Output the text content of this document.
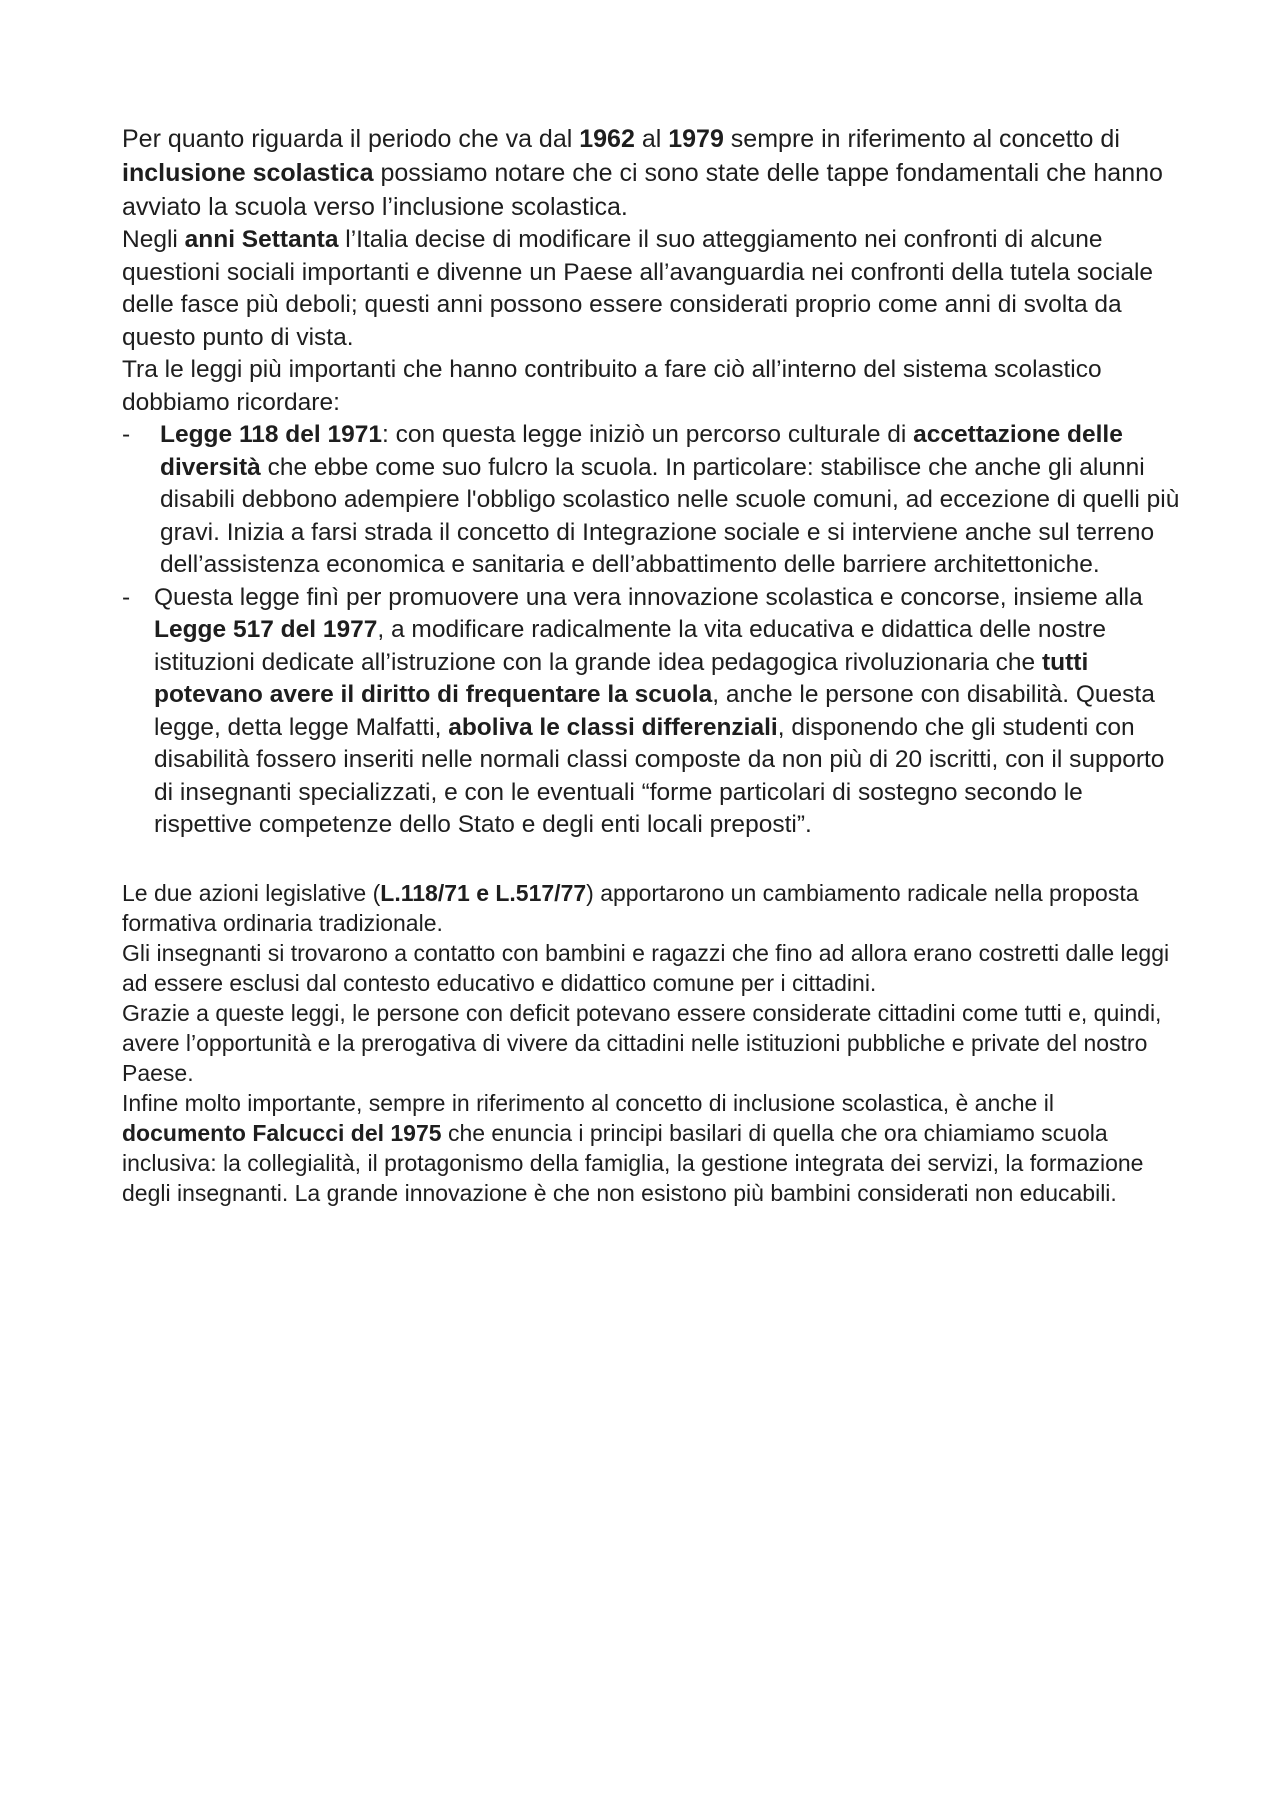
Per quanto riguarda il periodo che va dal 1962 al 1979 sempre in riferimento al concetto di inclusione scolastica possiamo notare che ci sono state delle tappe fondamentali che hanno avviato la scuola verso l’inclusione scolastica.

Negli anni Settanta l’Italia decise di modificare il suo atteggiamento nei confronti di alcune questioni sociali importanti e divenne un Paese all’avanguardia nei confronti della tutela sociale delle fasce più deboli; questi anni possono essere considerati proprio come anni di svolta da questo punto di vista.

Tra le leggi più importanti che hanno contribuito a fare ciò all’interno del sistema scolastico dobbiamo ricordare:

- Legge 118 del 1971: con questa legge iniziò un percorso culturale di accettazione delle diversità che ebbe come suo fulcro la scuola. In particolare: stabilisce che anche gli alunni disabili debbono adempiere l'obbligo scolastico nelle scuole comuni, ad eccezione di quelli più gravi. Inizia a farsi strada il concetto di Integrazione sociale e si interviene anche sul terreno dell’assistenza economica e sanitaria e dell’abbattimento delle barriere architettoniche.
- Questa legge finì per promuovere una vera innovazione scolastica e concorse, insieme alla Legge 517 del 1977, a modificare radicalmente la vita educativa e didattica delle nostre istituzioni dedicate all’istruzione con la grande idea pedagogica rivoluzionaria che tutti potevano avere il diritto di frequentare la scuola, anche le persone con disabilità. Questa legge, detta legge Malfatti, aboliva le classi differenziali, disponendo che gli studenti con disabilità fossero inseriti nelle normali classi composte da non più di 20 iscritti, con il supporto di insegnanti specializzati, e con le eventuali “forme particolari di sostegno secondo le rispettive competenze dello Stato e degli enti locali preposti”.

Le due azioni legislative (L.118/71 e L.517/77) apportarono un cambiamento radicale nella proposta formativa ordinaria tradizionale.

Gli insegnanti si trovarono a contatto con bambini e ragazzi che fino ad allora erano costretti dalle leggi ad essere esclusi dal contesto educativo e didattico comune per i cittadini.

Grazie a queste leggi, le persone con deficit potevano essere considerate cittadini come tutti e, quindi, avere l’opportunità e la prerogativa di vivere da cittadini nelle istituzioni pubbliche e private del nostro Paese.

Infine molto importante, sempre in riferimento al concetto di inclusione scolastica, è anche il documento Falcucci del 1975 che enuncia i principi basilari di quella che ora chiamiamo scuola inclusiva: la collegialità, il protagonismo della famiglia, la gestione integrata dei servizi, la formazione degli insegnanti. La grande innovazione è che non esistono più bambini considerati non educabili.
